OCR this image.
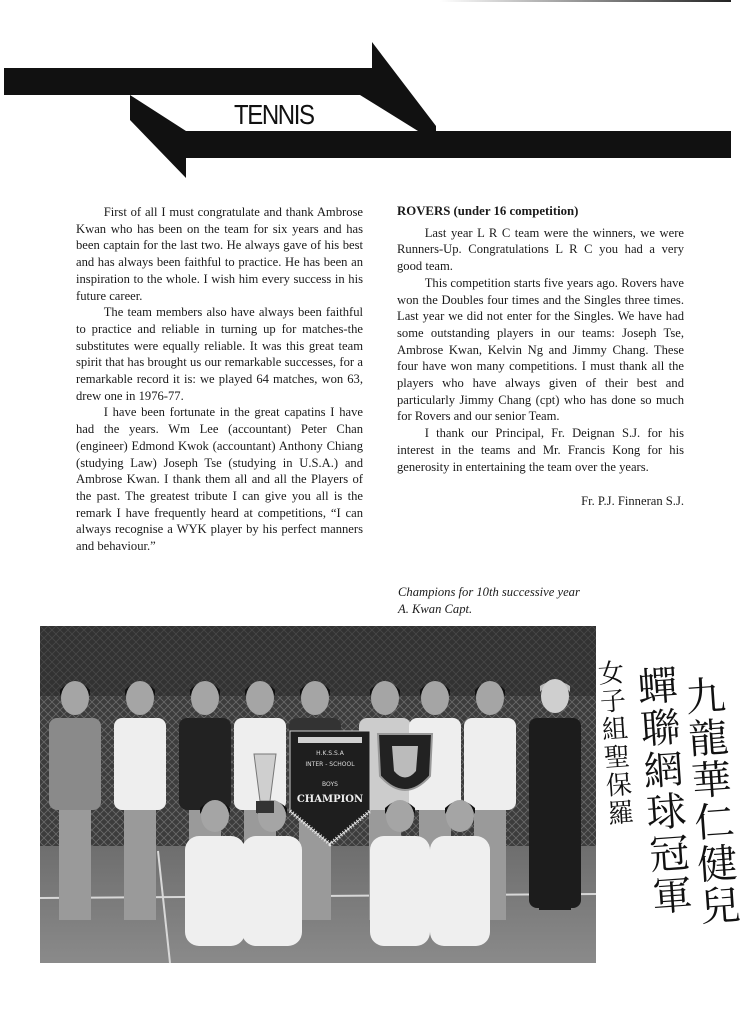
TENNIS

First of all I must congratulate and thank Ambrose Kwan who has been on the team for six years and has been captain for the last two. He always gave of his best and has always been faithful to practice. He has been an inspiration to the whole. I wish him every success in his future career.

The team members also have always been faithful to practice and reliable in turning up for matches-the substitutes were equally reliable. It was this great team spirit that has brought us our remarkable successes, for a remarkable record it is: we played 64 matches, won 63, drew one in 1976-77.

I have been fortunate in the great capatins I have had the years. Wm Lee (accountant) Peter Chan (engineer) Edmond Kwok (accountant) Anthony Chiang (studying Law) Joseph Tse (studying in U.S.A.) and Ambrose Kwan. I thank them all and all the Players of the past. The greatest tribute I can give you all is the remark I have frequently heard at competitions, “I can always recognise a WYK player by his perfect manners and behaviour.”

ROVERS (under 16 competition)

Last year L R C team were the winners, we were Runners-Up. Congratulations L R C you had a very good team.

This competition starts five years ago. Rovers have won the Doubles four times and the Singles three times. Last year we did not enter for the Singles. We have had some outstanding players in our teams: Joseph Tse, Ambrose Kwan, Kelvin Ng and Jimmy Chang. These four have won many competitions. I must thank all the players who have always given of their best and particularly Jimmy Chang (cpt) who has done so much for Rovers and our senior Team.

I thank our Principal, Fr. Deignan S.J. for his interest in the teams and Mr. Francis Kong for his generosity in entertaining the team over the years.

Fr. P.J. Finneran S.J.

Champions for 10th successive year
A. Kwan Capt.
H.K.S.S.A
INTER - SCHOOL
BOYS
CHAMPION
九
龍
華
仁
健
兒
蟬
聯
網
球
冠
軍
女
子
組
聖
保
羅
